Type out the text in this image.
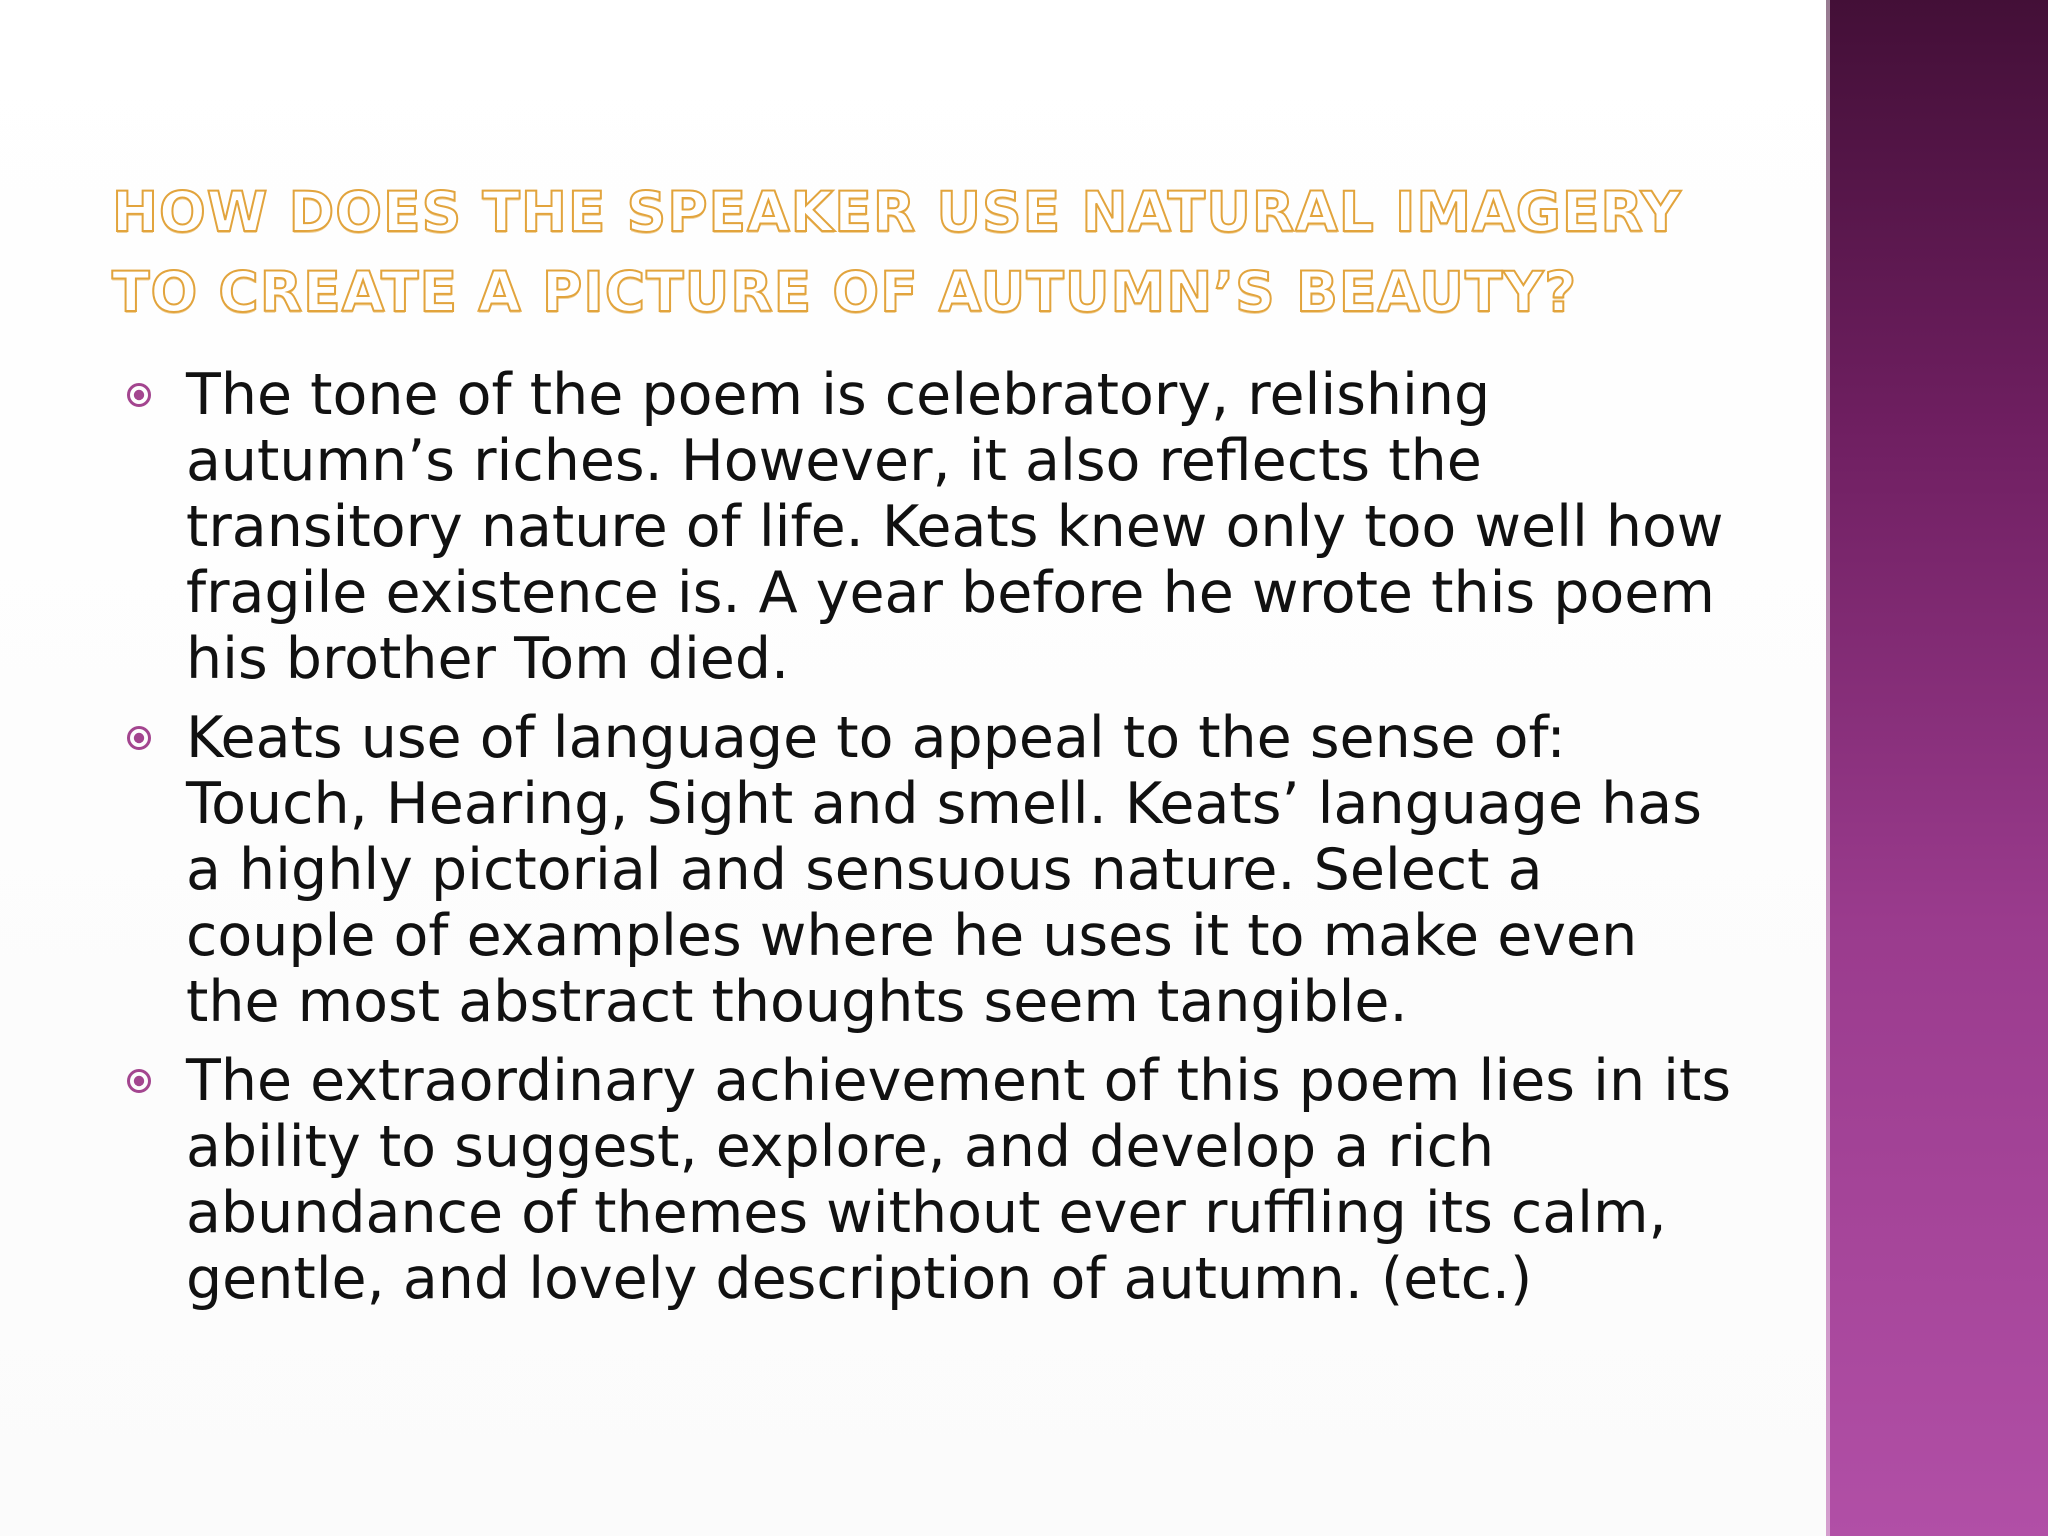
HOW DOES THE SPEAKER USE NATURAL IMAGERY
TO CREATE A PICTURE OF AUTUMN’S BEAUTY?
The tone of the poem is celebratory, relishing autumn’s riches. However, it also reflects the transitory nature of life. Keats knew only too well how fragile existence is. A year before he wrote this poem his brother Tom died.
Keats use of language to appeal to the sense of: Touch, Hearing, Sight and smell. Keats’ language has a highly pictorial and sensuous nature. Select a couple of examples where he uses it to make even the most abstract thoughts seem tangible.
The extraordinary achievement of this poem lies in its ability to suggest, explore, and develop a rich abundance of themes without ever ruffling its calm, gentle, and lovely description of autumn. (etc.)
